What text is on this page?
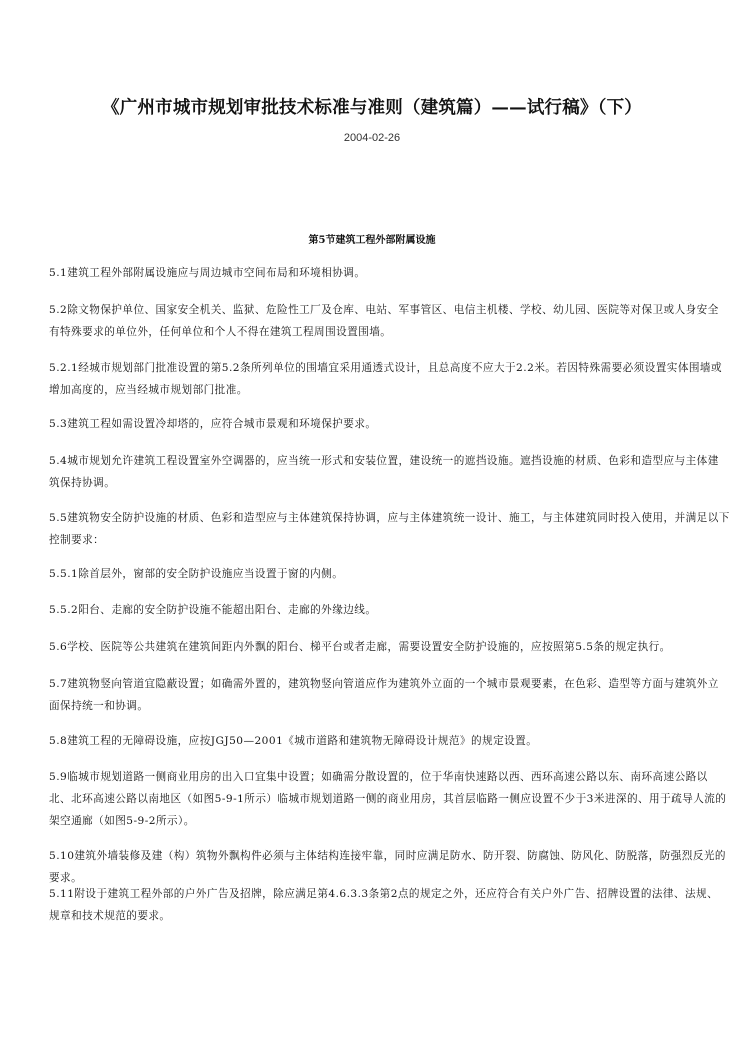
《广州市城市规划审批技术标准与准则（建筑篇）——试行稿》（下）
2004-02-26
第5节建筑工程外部附属设施
5.1建筑工程外部附属设施应与周边城市空间布局和环境相协调。
5.2除文物保护单位、国家安全机关、监狱、危险性工厂及仓库、电站、军事管区、电信主机楼、学校、幼儿园、医院等对保卫或人身安全有特殊要求的单位外，任何单位和个人不得在建筑工程周围设置围墙。
5.2.1经城市规划部门批准设置的第5.2条所列单位的围墙宜采用通透式设计，且总高度不应大于2.2米。若因特殊需要必须设置实体围墙或增加高度的，应当经城市规划部门批准。
5.3建筑工程如需设置冷却塔的，应符合城市景观和环境保护要求。
5.4城市规划允许建筑工程设置室外空调器的，应当统一形式和安装位置，建设统一的遮挡设施。遮挡设施的材质、色彩和造型应与主体建筑保持协调。
5.5建筑物安全防护设施的材质、色彩和造型应与主体建筑保持协调，应与主体建筑统一设计、施工，与主体建筑同时投入使用，并满足以下控制要求：
5.5.1除首层外，窗部的安全防护设施应当设置于窗的内侧。
5.5.2阳台、走廊的安全防护设施不能超出阳台、走廊的外缘边线。
5.6学校、医院等公共建筑在建筑间距内外飘的阳台、梯平台或者走廊，需要设置安全防护设施的，应按照第5.5条的规定执行。
5.7建筑物竖向管道宜隐蔽设置；如确需外置的，建筑物竖向管道应作为建筑外立面的一个城市景观要素，在色彩、造型等方面与建筑外立面保持统一和协调。
5.8建筑工程的无障碍设施，应按JGJ50—2001《城市道路和建筑物无障碍设计规范》的规定设置。
5.9临城市规划道路一侧商业用房的出入口宜集中设置；如确需分散设置的，位于华南快速路以西、西环高速公路以东、南环高速公路以北、北环高速公路以南地区（如图5-9-1所示）临城市规划道路一侧的商业用房，其首层临路一侧应设置不少于3米进深的、用于疏导人流的架空通廊（如图5-9-2所示）。
5.10建筑外墙装修及建（构）筑物外飘构件必须与主体结构连接牢靠，同时应满足防水、防开裂、防腐蚀、防风化、防脱落，防强烈反光的要求。
5.11附设于建筑工程外部的户外广告及招牌，除应满足第4.6.3.3条第2点的规定之外，还应符合有关户外广告、招牌设置的法律、法规、规章和技术规范的要求。
